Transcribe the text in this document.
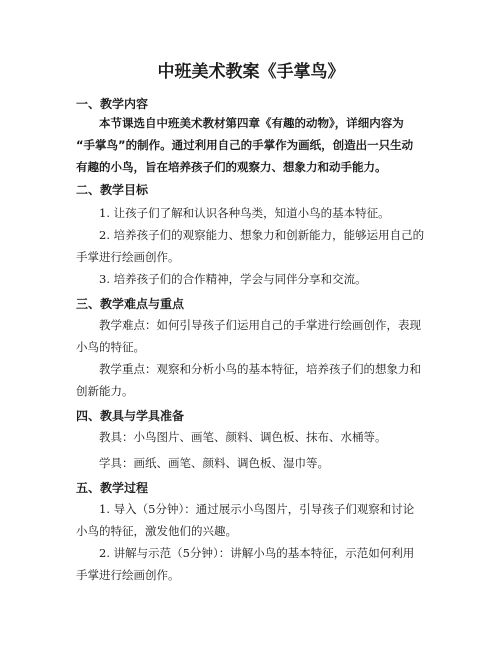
中班美术教案《手掌鸟》
一、教学内容

本节课选自中班美术教材第四章《有趣的动物》，详细内容为
“手掌鸟”的制作。通过利用自己的手掌作为画纸，创造出一只生动
有趣的小鸟，旨在培养孩子们的观察力、想象力和动手能力。

二、教学目标

1. 让孩子们了解和认识各种鸟类，知道小鸟的基本特征。

2. 培养孩子们的观察能力、想象力和创新能力，能够运用自己的
手掌进行绘画创作。

3. 培养孩子们的合作精神，学会与同伴分享和交流。

三、教学难点与重点

教学难点：如何引导孩子们运用自己的手掌进行绘画创作，表现
小鸟的特征。

教学重点：观察和分析小鸟的基本特征，培养孩子们的想象力和
创新能力。

四、教具与学具准备

教具：小鸟图片、画笔、颜料、调色板、抹布、水桶等。

学具：画纸、画笔、颜料、调色板、湿巾等。

五、教学过程

1. 导入（5分钟）：通过展示小鸟图片，引导孩子们观察和讨论
小鸟的特征，激发他们的兴趣。

2. 讲解与示范（5分钟）：讲解小鸟的基本特征，示范如何利用
手掌进行绘画创作。
